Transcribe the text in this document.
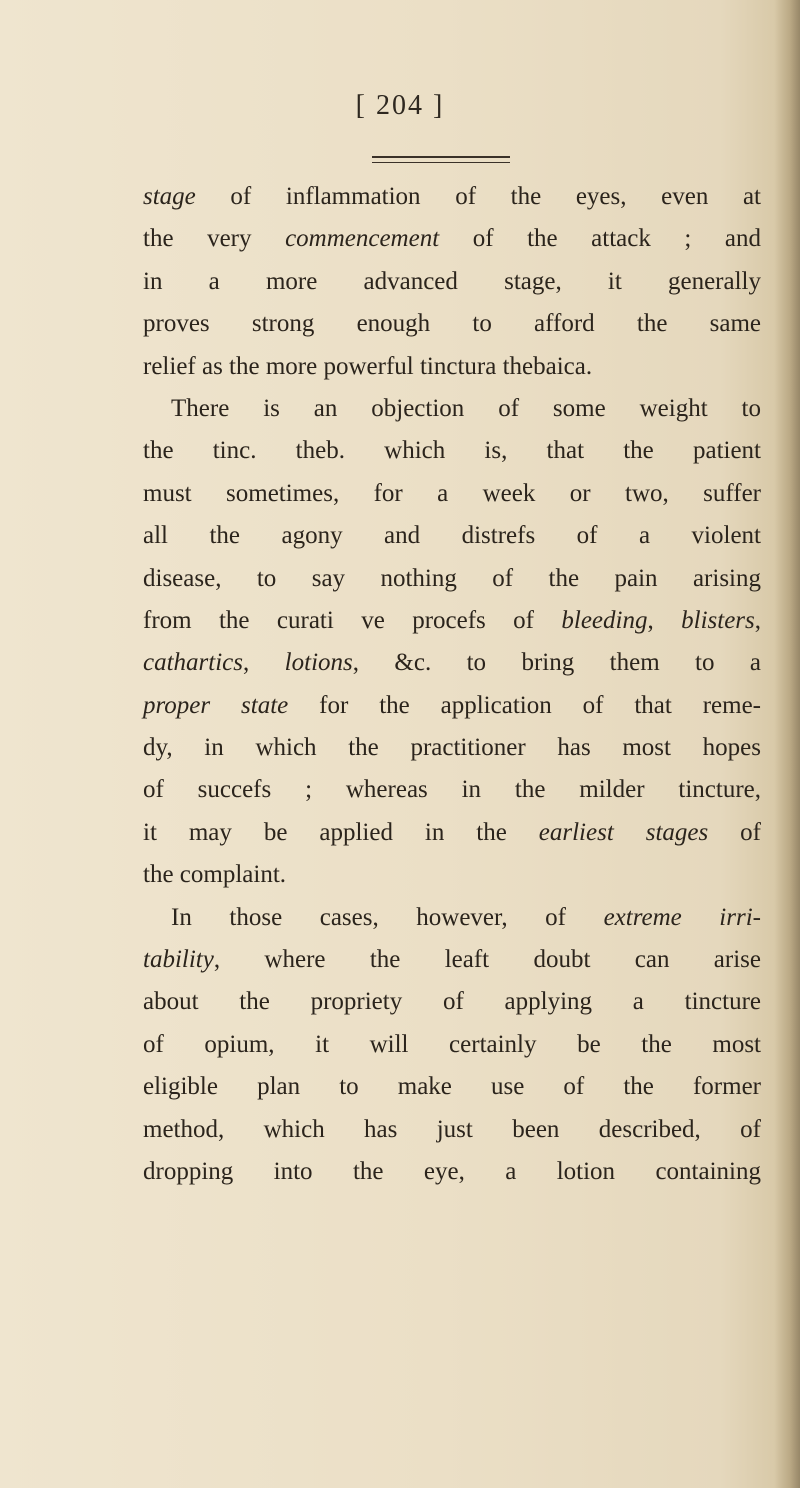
[ 204 ]
stage of inflammation of the eyes, even at
the very commencement of the attack ; and
in a more advanced stage, it generally
proves strong enough to afford the same
relief as the more powerful tinctura thebaica.
There is an objection of some weight to
the tinc. theb. which is, that the patient
must sometimes, for a week or two, suffer
all the agony and distrefs of a violent
disease, to say nothing of the pain arising
from the curati ve procefs of bleeding, blisters,
cathartics, lotions, &c. to bring them to a
proper state for the application of that reme-
dy, in which the practitioner has most hopes
of succefs ; whereas in the milder tincture,
it may be applied in the earliest stages of
the complaint.
In those cases, however, of extreme irri-
tability, where the leaft doubt can arise
about the propriety of applying a tincture
of opium, it will certainly be the most
eligible plan to make use of the former
method, which has just been described, of
dropping into the eye, a lotion containing
